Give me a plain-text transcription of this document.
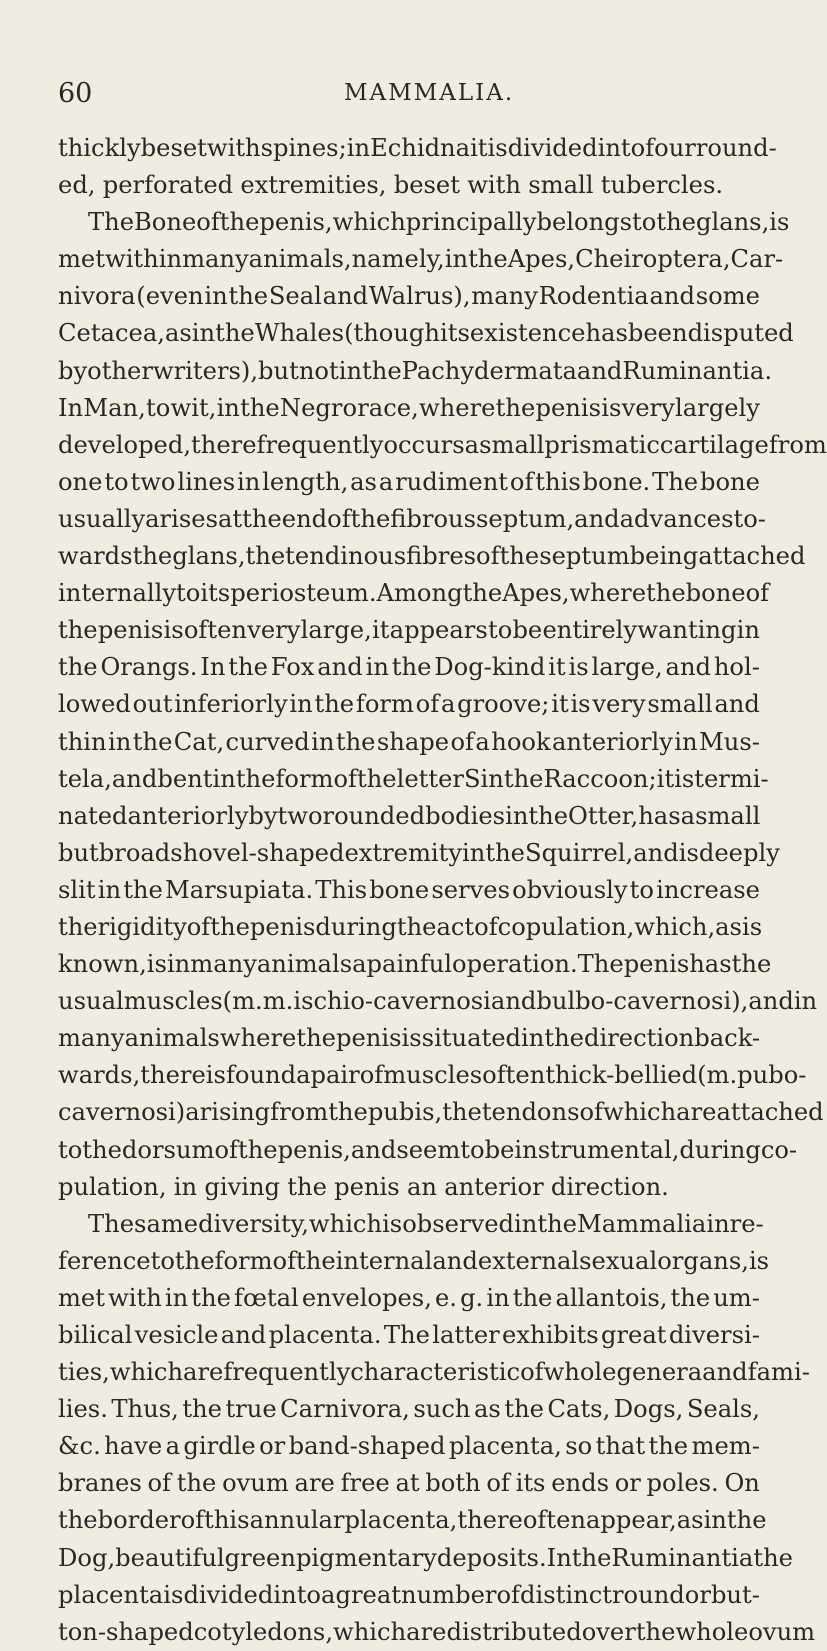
60	MAMMALIA.
thickly beset with spines; in Echidna it is divided into four round-
ed, perforated extremities, beset with small tubercles.
The Bone of the penis, which principally belongs to the glans, is
met with in many animals, namely, in the Apes, Cheiroptera, Car-
nivora (even in the Seal and Walrus), many Rodentia and some
Cetacea, as in the Whales (though its existence has been disputed
by other writers), but not in the Pachydermata and Ruminantia.
In Man, to wit, in the Negro race, where the penis is very largely
developed, there frequently occurs a small prismatic cartilage from
one to two lines in length, as a rudiment of this bone. The bone
usually arises at the end of the fibrous septum, and advances to-
wards the glans, the tendinous fibres of the septum being attached
internally to its periosteum. Among the Apes, where the bone of
the penis is often very large, it appears to be entirely wanting in
the Orangs. In the Fox and in the Dog-kind it is large, and hol-
lowed out inferiorly in the form of a groove; it is very small and
thin in the Cat, curved in the shape of a hook anteriorly in Mus-
tela, and bent in the form of the letter S in the Raccoon; it is termi-
nated anteriorly by two rounded bodies in the Otter, has a small
but broad shovel-shaped extremity in the Squirrel, and is deeply
slit in the Marsupiata. This bone serves obviously to increase
the rigidity of the penis during the act of copulation, which, as is
known, is in many animals a painful operation. The penis has the
usual muscles (m. m. ischio-cavernosi and bulbo-cavernosi), and in
many animals where the penis is situated in the direction back-
wards, there is found a pair of muscles often thick-bellied (m. pubo-
cavernosi) arising from the pubis, the tendons of which are attached
to the dorsum of the penis, and seem to be instrumental, during co-
pulation, in giving the penis an anterior direction.
The same diversity, which is observed in the Mammalia in re-
ference to the form of the internal and external sexual organs, is
met with in the fœtal envelopes, e. g. in the allantois, the um-
bilical vesicle and placenta. The latter exhibits great diversi-
ties, which are frequently characteristic of whole genera and fami-
lies. Thus, the true Carnivora, such as the Cats, Dogs, Seals,
&c. have a girdle or band-shaped placenta, so that the mem-
branes of the ovum are free at both of its ends or poles. On
the border of this annular placenta, there often appear, as in the
Dog, beautiful green pigmentary deposits. In the Ruminantia the
placenta is divided into a great number of distinct round or but-
ton-shaped cotyledons, which are distributed over the whole ovum
